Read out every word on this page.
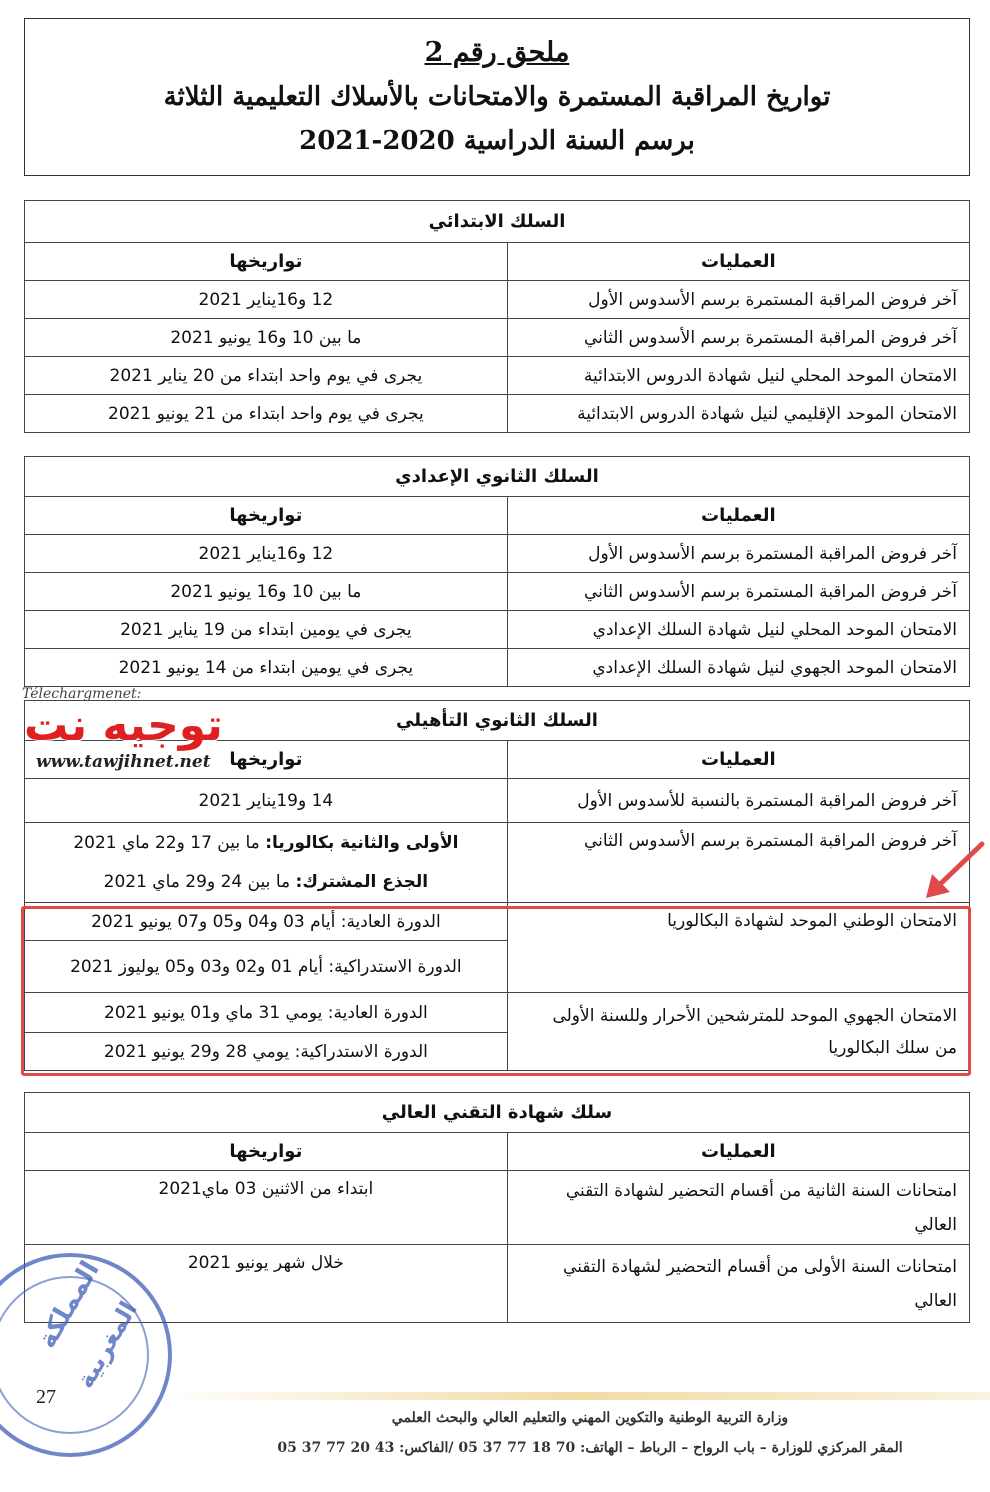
ملحق رقم 2
تواريخ المراقبة المستمرة والامتحانات بالأسلاك التعليمية الثلاثة
برسم السنة الدراسية 2020-2021
السلك الابتدائي	
العمليات	تواريخها
آخر فروض المراقبة المستمرة برسم الأسدوس الأول	12 و16يناير 2021
آخر فروض المراقبة المستمرة برسم الأسدوس الثاني	ما بين 10 و16 يونيو 2021
الامتحان الموحد المحلي لنيل شهادة الدروس الابتدائية	يجرى في يوم واحد ابتداء من 20 يناير 2021
الامتحان الموحد الإقليمي لنيل شهادة الدروس الابتدائية	يجرى في يوم واحد ابتداء من 21 يونيو 2021
السلك الثانوي الإعدادي	
العمليات	تواريخها
آخر فروض المراقبة المستمرة برسم الأسدوس الأول	12 و16يناير 2021
آخر فروض المراقبة المستمرة برسم الأسدوس الثاني	ما بين 10 و16 يونيو 2021
الامتحان الموحد المحلي لنيل شهادة السلك الإعدادي	يجرى في يومين ابتداء من 19 يناير 2021
الامتحان الموحد الجهوي لنيل شهادة السلك الإعدادي	يجرى في يومين ابتداء من 14 يونيو 2021
السلك الثانوي التأهيلي	
العمليات	تواريخها
آخر فروض المراقبة المستمرة بالنسبة للأسدوس الأول	14 و19يناير 2021
آخر فروض المراقبة المستمرة برسم الأسدوس الثاني	الأولى والثانية بكالوريا: ما بين 17 و22 ماي 2021
	الجذع المشترك: ما بين 24 و29 ماي 2021
الامتحان الوطني الموحد لشهادة البكالوريا	الدورة العادية: أيام 03 و04 و05 و07 يونيو 2021
	الدورة الاستدراكية: أيام 01 و02 و03 و05 يوليوز 2021

الامتحان الجهوي الموحد للمترشحين الأحرار وللسنة الأولى
من سلك البكالوريا	الدورة العادية: يومي 31 ماي و01 يونيو 2021
	الدورة الاستدراكية: يومي 28 و29 يونيو 2021
سلك شهادة التقني العالي	
العمليات	تواريخها

امتحانات السنة الثانية من أقسام التحضير لشهادة التقني
العالي	ابتداء من الاثنين 03 ماي2021

امتحانات السنة الأولى من أقسام التحضير لشهادة التقني
العالي	خلال شهر يونيو 2021
Télechargmenet:
توجيه نت
www.tawjihnet.net
المملكة
المغربية
27
وزارة التربية الوطنية والتكوين المهني والتعليم العالي والبحث العلمي
المقر المركزي للوزارة – باب الرواح – الرباط – الهاتف: 70 18 77 37 05 /الفاكس: 43 20 77 37 05
